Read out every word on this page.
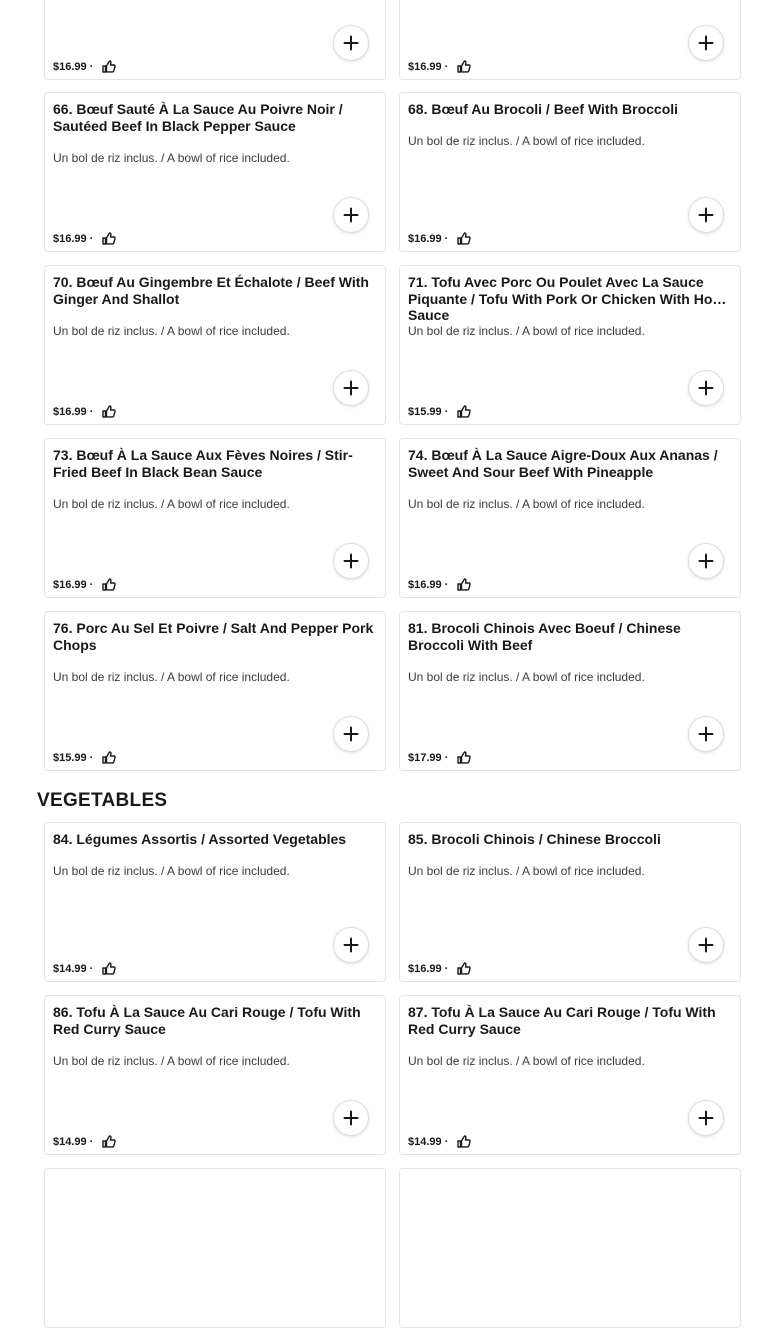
$16.99 ·	$16.99 ·
66. Bœuf Sauté À La Sauce Au Poivre Noir / Sautéed Beef In Black Pepper Sauce

Un bol de riz inclus. / A bowl of rice included.

$16.99 ·
68. Bœuf Au Brocoli / Beef With Broccoli

Un bol de riz inclus. / A bowl of rice included.

$16.99 ·
70. Bœuf Au Gingembre Et Échalote / Beef With Ginger And Shallot

Un bol de riz inclus. / A bowl of rice included.

$16.99 ·
71. Tofu Avec Porc Ou Poulet Avec La Sauce Piquante / Tofu With Pork Or Chicken With Hot Sauce

Un bol de riz inclus. / A bowl of rice included.

$15.99 ·
73. Bœuf À La Sauce Aux Fèves Noires / Stir-Fried Beef In Black Bean Sauce

Un bol de riz inclus. / A bowl of rice included.

$16.99 ·
74. Bœuf À La Sauce Aigre-Doux Aux Ananas / Sweet And Sour Beef With Pineapple

Un bol de riz inclus. / A bowl of rice included.

$16.99 ·
76. Porc Au Sel Et Poivre / Salt And Pepper Pork Chops

Un bol de riz inclus. / A bowl of rice included.

$15.99 ·
81. Brocoli Chinois Avec Boeuf / Chinese Broccoli With Beef

Un bol de riz inclus. / A bowl of rice included.

$17.99 ·
VEGETABLES
84. Légumes Assortis / Assorted Vegetables

Un bol de riz inclus. / A bowl of rice included.

$14.99 ·
85. Brocoli Chinois / Chinese Broccoli

Un bol de riz inclus. / A bowl of rice included.

$16.99 ·
86. Tofu À La Sauce Au Cari Rouge / Tofu With Red Curry Sauce

Un bol de riz inclus. / A bowl of rice included.

$14.99 ·
87. Tofu À La Sauce Au Cari Rouge / Tofu With Red Curry Sauce

Un bol de riz inclus. / A bowl of rice included.

$14.99 ·
